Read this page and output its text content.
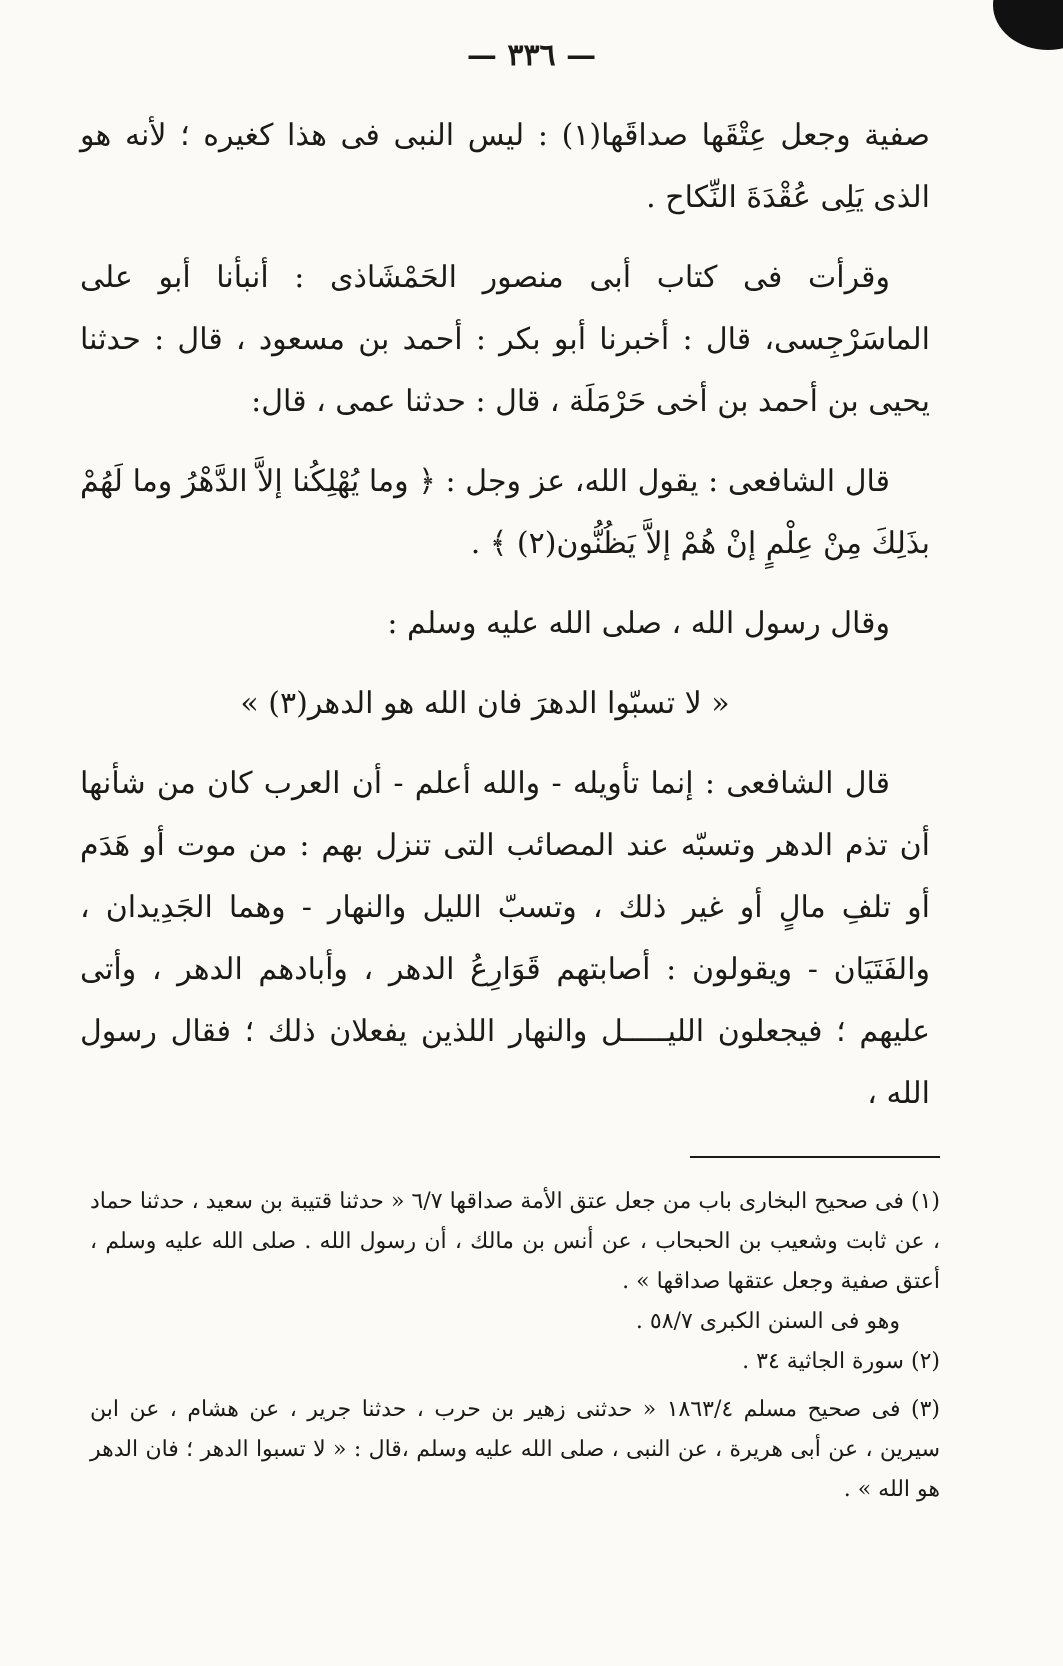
— ٣٣٦ —

صفية وجعل عِتْقَها صداقَها(١) : ليس النبى فى هذا كغيره ؛ لأنه هو الذى يَلِى عُقْدَةَ النِّكاح .

وقرأت فى كتاب أبى منصور الحَمْشَاذى : أنبأنا أبو على الماسَرْجِسى، قال : أخبرنا أبو بكر : أحمد بن مسعود ، قال : حدثنا يحيى بن أحمد بن أخى حَرْمَلَة ، قال : حدثنا عمى ، قال:

قال الشافعى : يقول الله، عز وجل : ﴿ وما يُهْلِكُنا إلاَّ الدَّهْرُ وما لَهُمْ بذَلِكَ مِنْ عِلْمٍ إنْ هُمْ إلاَّ يَظُنُّون(٢) ﴾ .

وقال رسول الله ، صلى الله عليه وسلم :

« لا تسبّوا الدهرَ فان الله هو الدهر(٣) »

قال الشافعى : إنما تأويله - والله أعلم - أن العرب كان من شأنها أن تذم الدهر وتسبّه عند المصائب التى تنزل بهم : من موت أو هَدَم أو تلفِ مالٍ أو غير ذلك ، وتسبّ الليل والنهار - وهما الجَدِيدان ، والفَتَيَان - ويقولون : أصابتهم قَوَارِعُ الدهر ، وأبادهم الدهر ، وأتى عليهم ؛ فيجعلون الليـــــل والنهار اللذين يفعلان ذلك ؛ فقال رسول الله ،

(١) فى صحيح البخارى باب من جعل عتق الأمة صداقها ٦/٧ « حدثنا قتيبة بن سعيد ، حدثنا حماد ، عن ثابت وشعيب بن الحبحاب ، عن أنس بن مالك ، أن رسول الله . صلى الله عليه وسلم ، أعتق صفية وجعل عتقها صداقها » .

وهو فى السنن الكبرى ٥٨/٧ .

(٢) سورة الجاثية ٣٤ .

(٣) فى صحيح مسلم ١٨٦٣/٤ « حدثنى زهير بن حرب ، حدثنا جرير ، عن هشام ، عن ابن سيرين ، عن أبى هريرة ، عن النبى ، صلى الله عليه وسلم ،قال : « لا تسبوا الدهر ؛ فان الدهر هو الله » .
